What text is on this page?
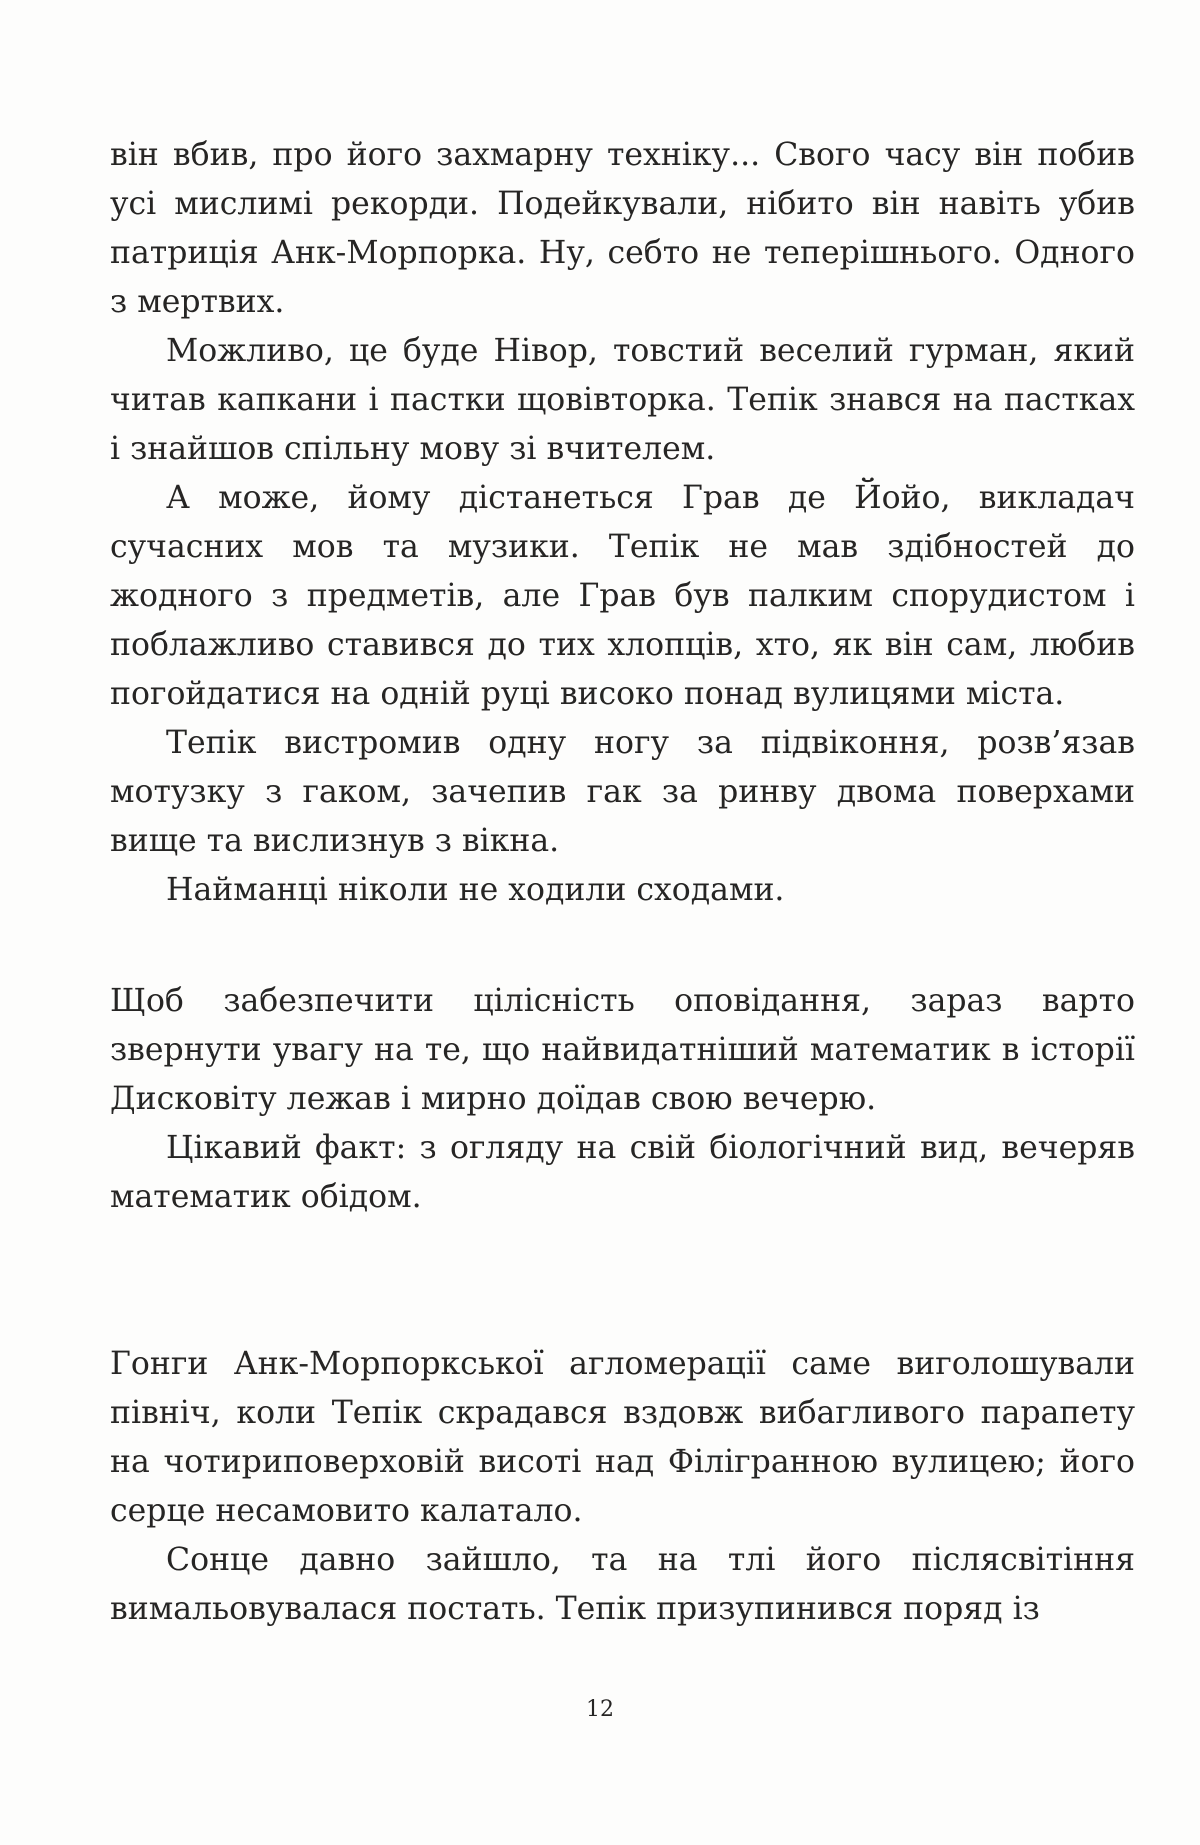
він вбив, про його захмарну техніку... Свого часу він побив усі мислимі рекорди. Подейкували, нібито він навіть убив патриція Анк-Морпорка. Ну, себто не теперішнього. Одного з мертвих.

Можливо, це буде Нівор, товстий веселий гурман, який читав капкани і пастки щовівторка. Тепік знався на пастках і знайшов спільну мову зі вчителем.

А може, йому дістанеться Грав де Йойо, викладач сучасних мов та музики. Тепік не мав здібностей до жодного з предметів, але Грав був палким спорудистом і поблажливо ставився до тих хлопців, хто, як він сам, любив погойдатися на одній руці високо понад вулицями міста.

Тепік вистромив одну ногу за підвіконня, розв’язав мотузку з гаком, зачепив гак за ринву двома поверхами вище та вислизнув з вікна.

Найманці ніколи не ходили сходами.

Щоб забезпечити цілісність оповідання, зараз варто звернути увагу на те, що найвидатніший математик в історії Дисковіту лежав і мирно доїдав свою вечерю.

Цікавий факт: з огляду на свій біологічний вид, вечеряв математик обідом.

Гонги Анк-Морпоркської агломерації саме виголошували північ, коли Тепік скрадався вздовж вибагливого парапету на чотириповерховій висоті над Філігранною вулицею; його серце несамовито калатало.

Сонце давно зайшло, та на тлі його післясвітіння вимальовувалася постать. Тепік призупинився поряд із

12
